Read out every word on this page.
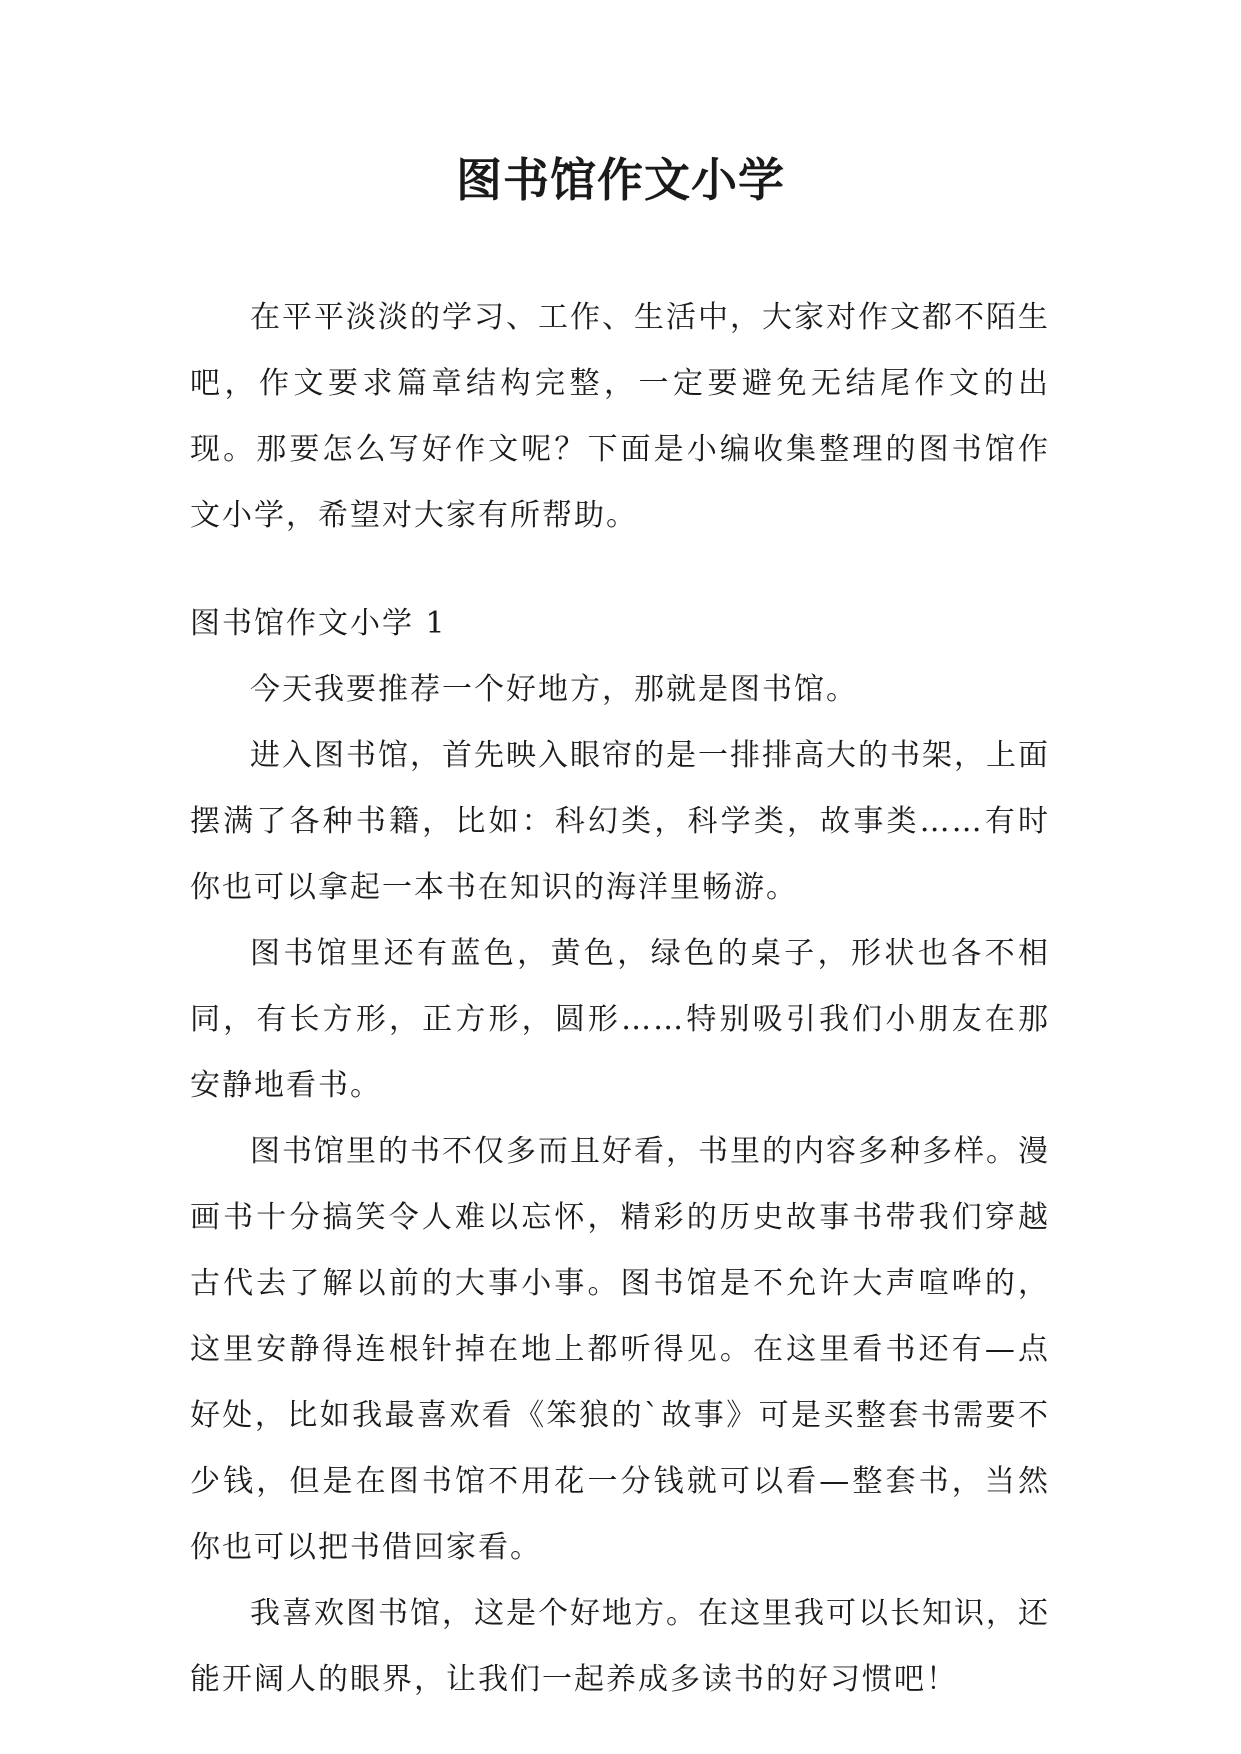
图书馆作文小学

在平平淡淡的学习、工作、生活中，大家对作文都不陌生吧，作文要求篇章结构完整，一定要避免无结尾作文的出现。那要怎么写好作文呢？下面是小编收集整理的图书馆作文小学，希望对大家有所帮助。

图书馆作文小学 1

今天我要推荐一个好地方，那就是图书馆。

进入图书馆，首先映入眼帘的是一排排高大的书架，上面摆满了各种书籍，比如：科幻类，科学类，故事类……有时你也可以拿起一本书在知识的海洋里畅游。

图书馆里还有蓝色，黄色，绿色的桌子，形状也各不相同，有长方形，正方形，圆形……特别吸引我们小朋友在那安静地看书。

图书馆里的书不仅多而且好看，书里的内容多种多样。漫画书十分搞笑令人难以忘怀，精彩的历史故事书带我们穿越古代去了解以前的大事小事。图书馆是不允许大声喧哗的，这里安静得连根针掉在地上都听得见。在这里看书还有—点好处，比如我最喜欢看《笨狼的`故事》可是买整套书需要不少钱，但是在图书馆不用花一分钱就可以看—整套书，当然你也可以把书借回家看。

我喜欢图书馆，这是个好地方。在这里我可以长知识，还能开阔人的眼界，让我们一起养成多读书的好习惯吧！
